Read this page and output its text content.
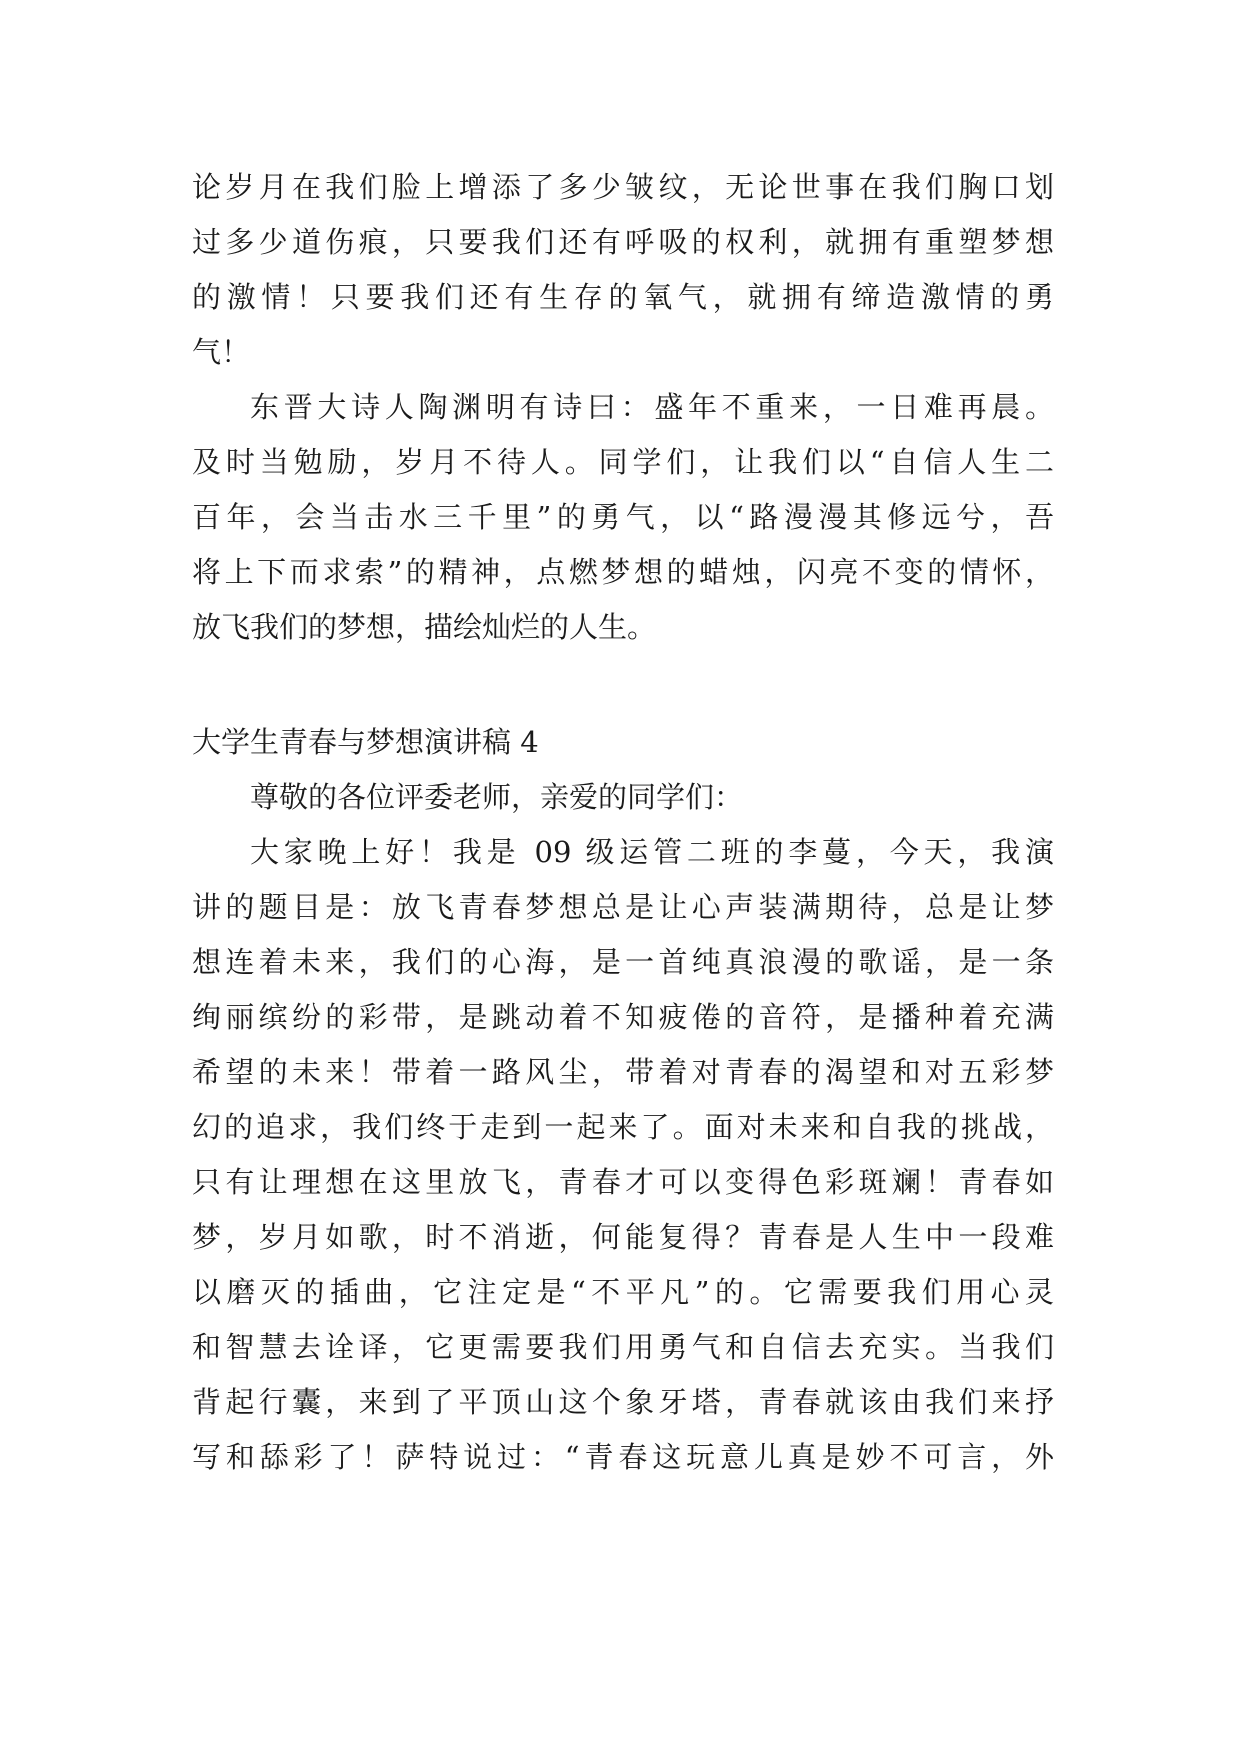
论岁月在我们脸上增添了多少皱纹，无论世事在我们胸口划
过多少道伤痕，只要我们还有呼吸的权利，就拥有重塑梦想
的激情！只要我们还有生存的氧气，就拥有缔造激情的勇
气！
东晋大诗人陶渊明有诗曰：盛年不重来，一日难再晨。
及时当勉励，岁月不待人。同学们，让我们以“自信人生二
百年，会当击水三千里”的勇气，以“路漫漫其修远兮，吾
将上下而求索”的精神，点燃梦想的蜡烛，闪亮不变的情怀，
放飞我们的梦想，描绘灿烂的人生。
大学生青春与梦想演讲稿 4
尊敬的各位评委老师，亲爱的同学们：
大家晚上好！我是 09 级运管二班的李蔓，今天，我演
讲的题目是：放飞青春梦想总是让心声装满期待，总是让梦
想连着未来，我们的心海，是一首纯真浪漫的歌谣，是一条
绚丽缤纷的彩带，是跳动着不知疲倦的音符，是播种着充满
希望的未来！带着一路风尘，带着对青春的渴望和对五彩梦
幻的追求，我们终于走到一起来了。面对未来和自我的挑战，
只有让理想在这里放飞，青春才可以变得色彩斑斓！青春如
梦，岁月如歌，时不消逝，何能复得？青春是人生中一段难
以磨灭的插曲，它注定是“不平凡”的。它需要我们用心灵
和智慧去诠译，它更需要我们用勇气和自信去充实。当我们
背起行囊，来到了平顶山这个象牙塔，青春就该由我们来抒
写和舔彩了！萨特说过：“青春这玩意儿真是妙不可言，外
